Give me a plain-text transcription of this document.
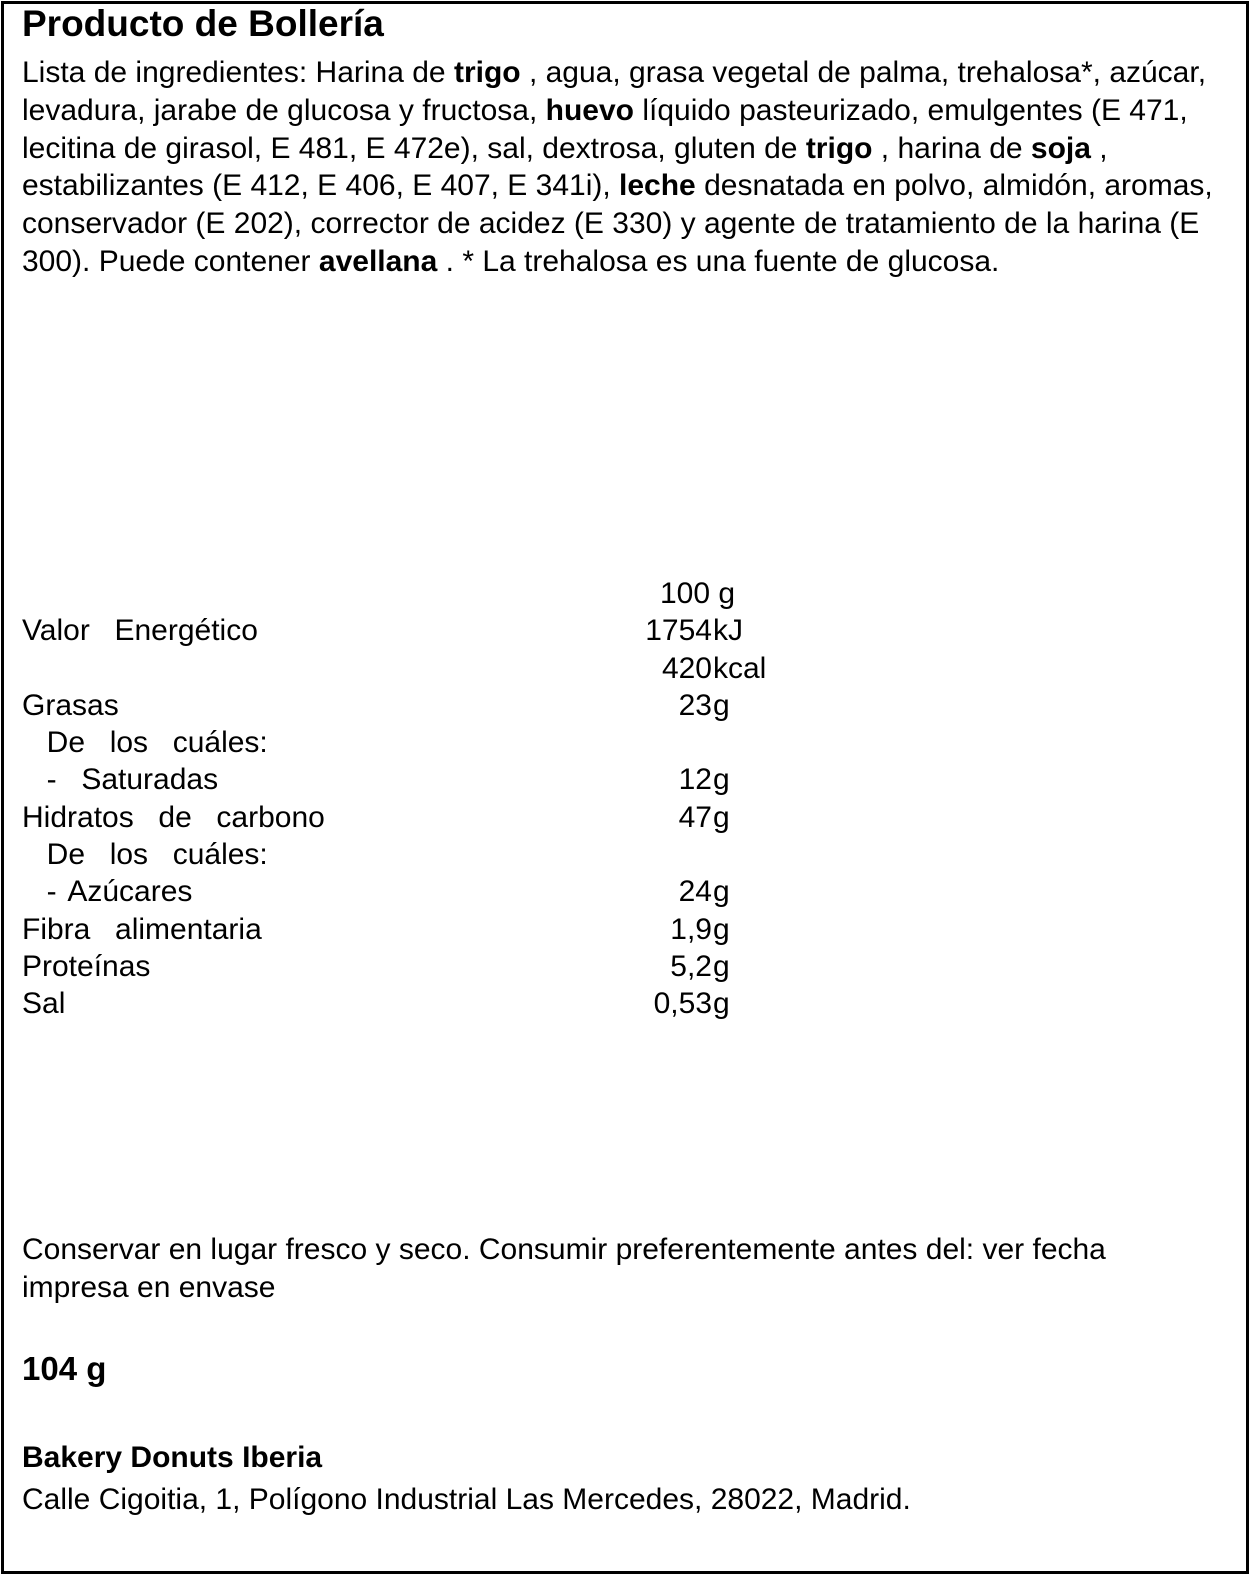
Producto de Bollería
Lista de ingredientes: Harina de trigo , agua, grasa vegetal de palma, trehalosa*, azúcar, levadura, jarabe de glucosa y fructosa, huevo líquido pasteurizado, emulgentes (E 471, lecitina de girasol, E 481, E 472e), sal, dextrosa, gluten de trigo , harina de soja , estabilizantes (E 412, E 406, E 407, E 341i), leche desnatada en polvo, almidón, aromas, conservador (E 202), corrector de acidez (E 330) y agente de tratamiento de la harina (E 300). Puede contener avellana . * La trehalosa es una fuente de glucosa.
100 g
Valor  Energético	1754 kJ
420 kcal
Grasas	23 g
De  los  cuáles:
-  Saturadas	12 g
Hidratos  de  carbono	47 g
De  los  cuáles:
- Azúcares	24 g
Fibra  alimentaria	1,9 g
Proteínas	5,2 g
Sal	0,53 g
Conservar en lugar fresco y seco. Consumir preferentemente antes del: ver fecha impresa en envase
104 g
Bakery Donuts Iberia
Calle Cigoitia, 1, Polígono Industrial Las Mercedes, 28022, Madrid.
